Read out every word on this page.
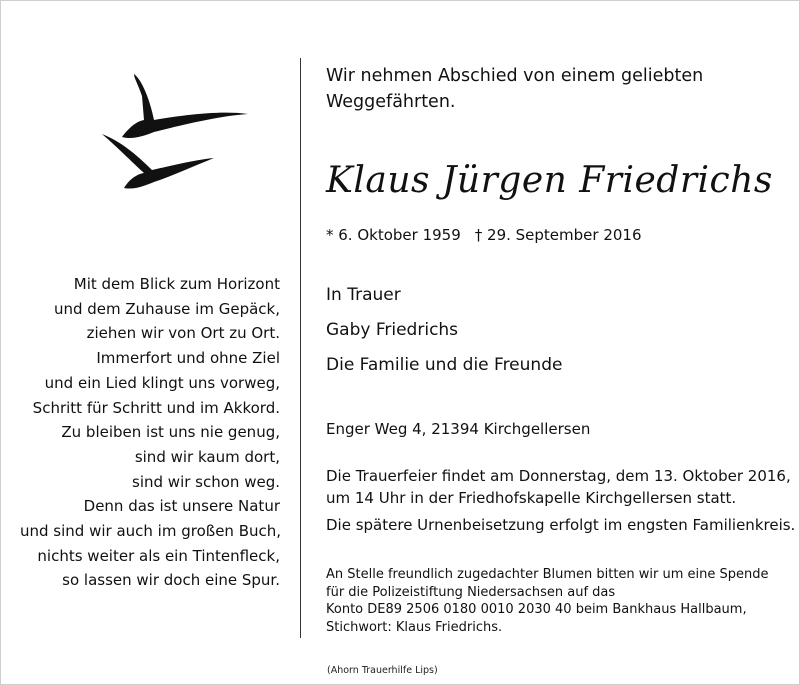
Mit dem Blick zum Horizont
und dem Zuhause im Gepäck,
ziehen wir von Ort zu Ort.
Immerfort und ohne Ziel
und ein Lied klingt uns vorweg,
Schritt für Schritt und im Akkord.
Zu bleiben ist uns nie genug,
sind wir kaum dort,
sind wir schon weg.
Denn das ist unsere Natur
und sind wir auch im großen Buch,
nichts weiter als ein Tintenfleck,
so lassen wir doch eine Spur.
Wir nehmen Abschied von einem geliebten
Weggefährten.
Klaus Jürgen Friedrichs
* 6. Oktober 1959 † 29. September 2016
In Trauer
Gaby Friedrichs
Die Familie und die Freunde
Enger Weg 4, 21394 Kirchgellersen
Die Trauerfeier findet am Donnerstag, dem 13. Oktober 2016,
um 14 Uhr in der Friedhofskapelle Kirchgellersen statt.
Die spätere Urnenbeisetzung erfolgt im engsten Familienkreis.
An Stelle freundlich zugedachter Blumen bitten wir um eine Spende
für die Polizeistiftung Niedersachsen auf das
Konto DE89 2506 0180 0010 2030 40 beim Bankhaus Hallbaum,
Stichwort: Klaus Friedrichs.
(Ahorn Trauerhilfe Lips)
